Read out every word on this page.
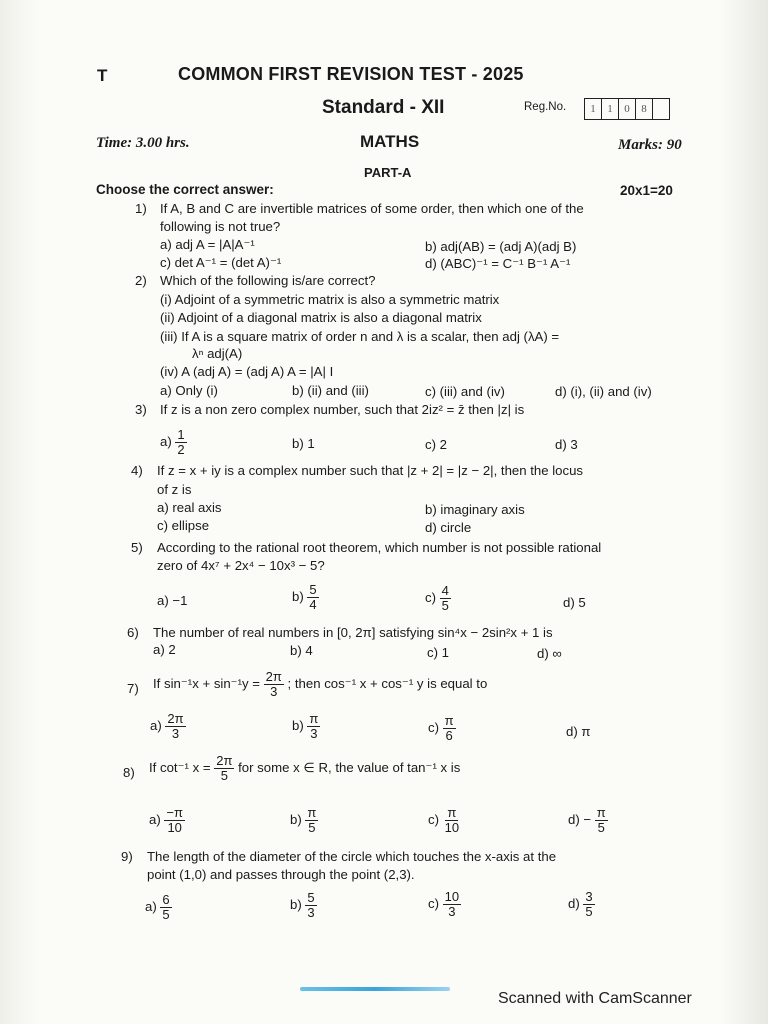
T	COMMON FIRST REVISION TEST - 2025
Standard - XII	Reg.No.	1	1	0	8
Time: 3.00 hrs.	MATHS	Marks: 90
PART-A
Choose the correct answer:	20x1=20
1) If A, B and C are invertible matrices of some order, then which one of the
following is not true?
a) adj A = |A|A⁻¹	b) adj(AB) = (adj A)(adj B)
c) det A⁻¹ = (det A)⁻¹	d) (ABC)⁻¹ = C⁻¹ B⁻¹ A⁻¹
2) Which of the following is/are correct?
(i) Adjoint of a symmetric matrix is also a symmetric matrix
(ii) Adjoint of a diagonal matrix is also a diagonal matrix
(iii) If A is a square matrix of order n and λ is a scalar, then adj (λA) =
λⁿ adj(A)
(iv) A (adj A) = (adj A) A = |A| I
a) Only (i)	b) (ii) and (iii)	c) (iii) and (iv)	d) (i), (ii) and (iv)
3) If z is a non zero complex number, such that 2iz² = z̄ then |z| is
$a) \frac{1}{2}$	b) 1	c) 2	d) 3
4) If z = x + iy is a complex number such that |z + 2| = |z − 2|, then the locus
of z is
a) real axis	b) imaginary axis
c) ellipse	d) circle
5) According to the rational root theorem, which number is not possible rational
zero of 4x⁷ + 2x⁴ − 10x³ − 5?
a) −1	$b) \frac{5}{4}$	$c) \frac{4}{5}$	d) 5
6) The number of real numbers in [0, 2π] satisfying sin⁴x − 2sin²x + 1 is
a) 2	b) 4	c) 1	d) ∞
7) If $\sin^{-1}x + \sin^{-1}y = \frac{2\pi}{3}$ ; then cos⁻¹ x + cos⁻¹ y is equal to
$a) \frac{2\pi}{3}$	$b) \frac{\pi}{3}$	$c) \frac{\pi}{6}$	d) π
8) If cot⁻¹ $x = \frac{2\pi}{5}$ for some x ∈ R, the value of tan⁻¹ x is
$a) \frac{-\pi}{10}$	$b) \frac{\pi}{5}$	$c) \frac{\pi}{10}$	$d) - \frac{\pi}{5}$
9) The length of the diameter of the circle which touches the x-axis at the
point (1,0) and passes through the point (2,3).
$a) \frac{6}{5}$	$b) \frac{5}{3}$	$c) \frac{10}{3}$	$d) \frac{3}{5}$
Scanned with CamScanner
